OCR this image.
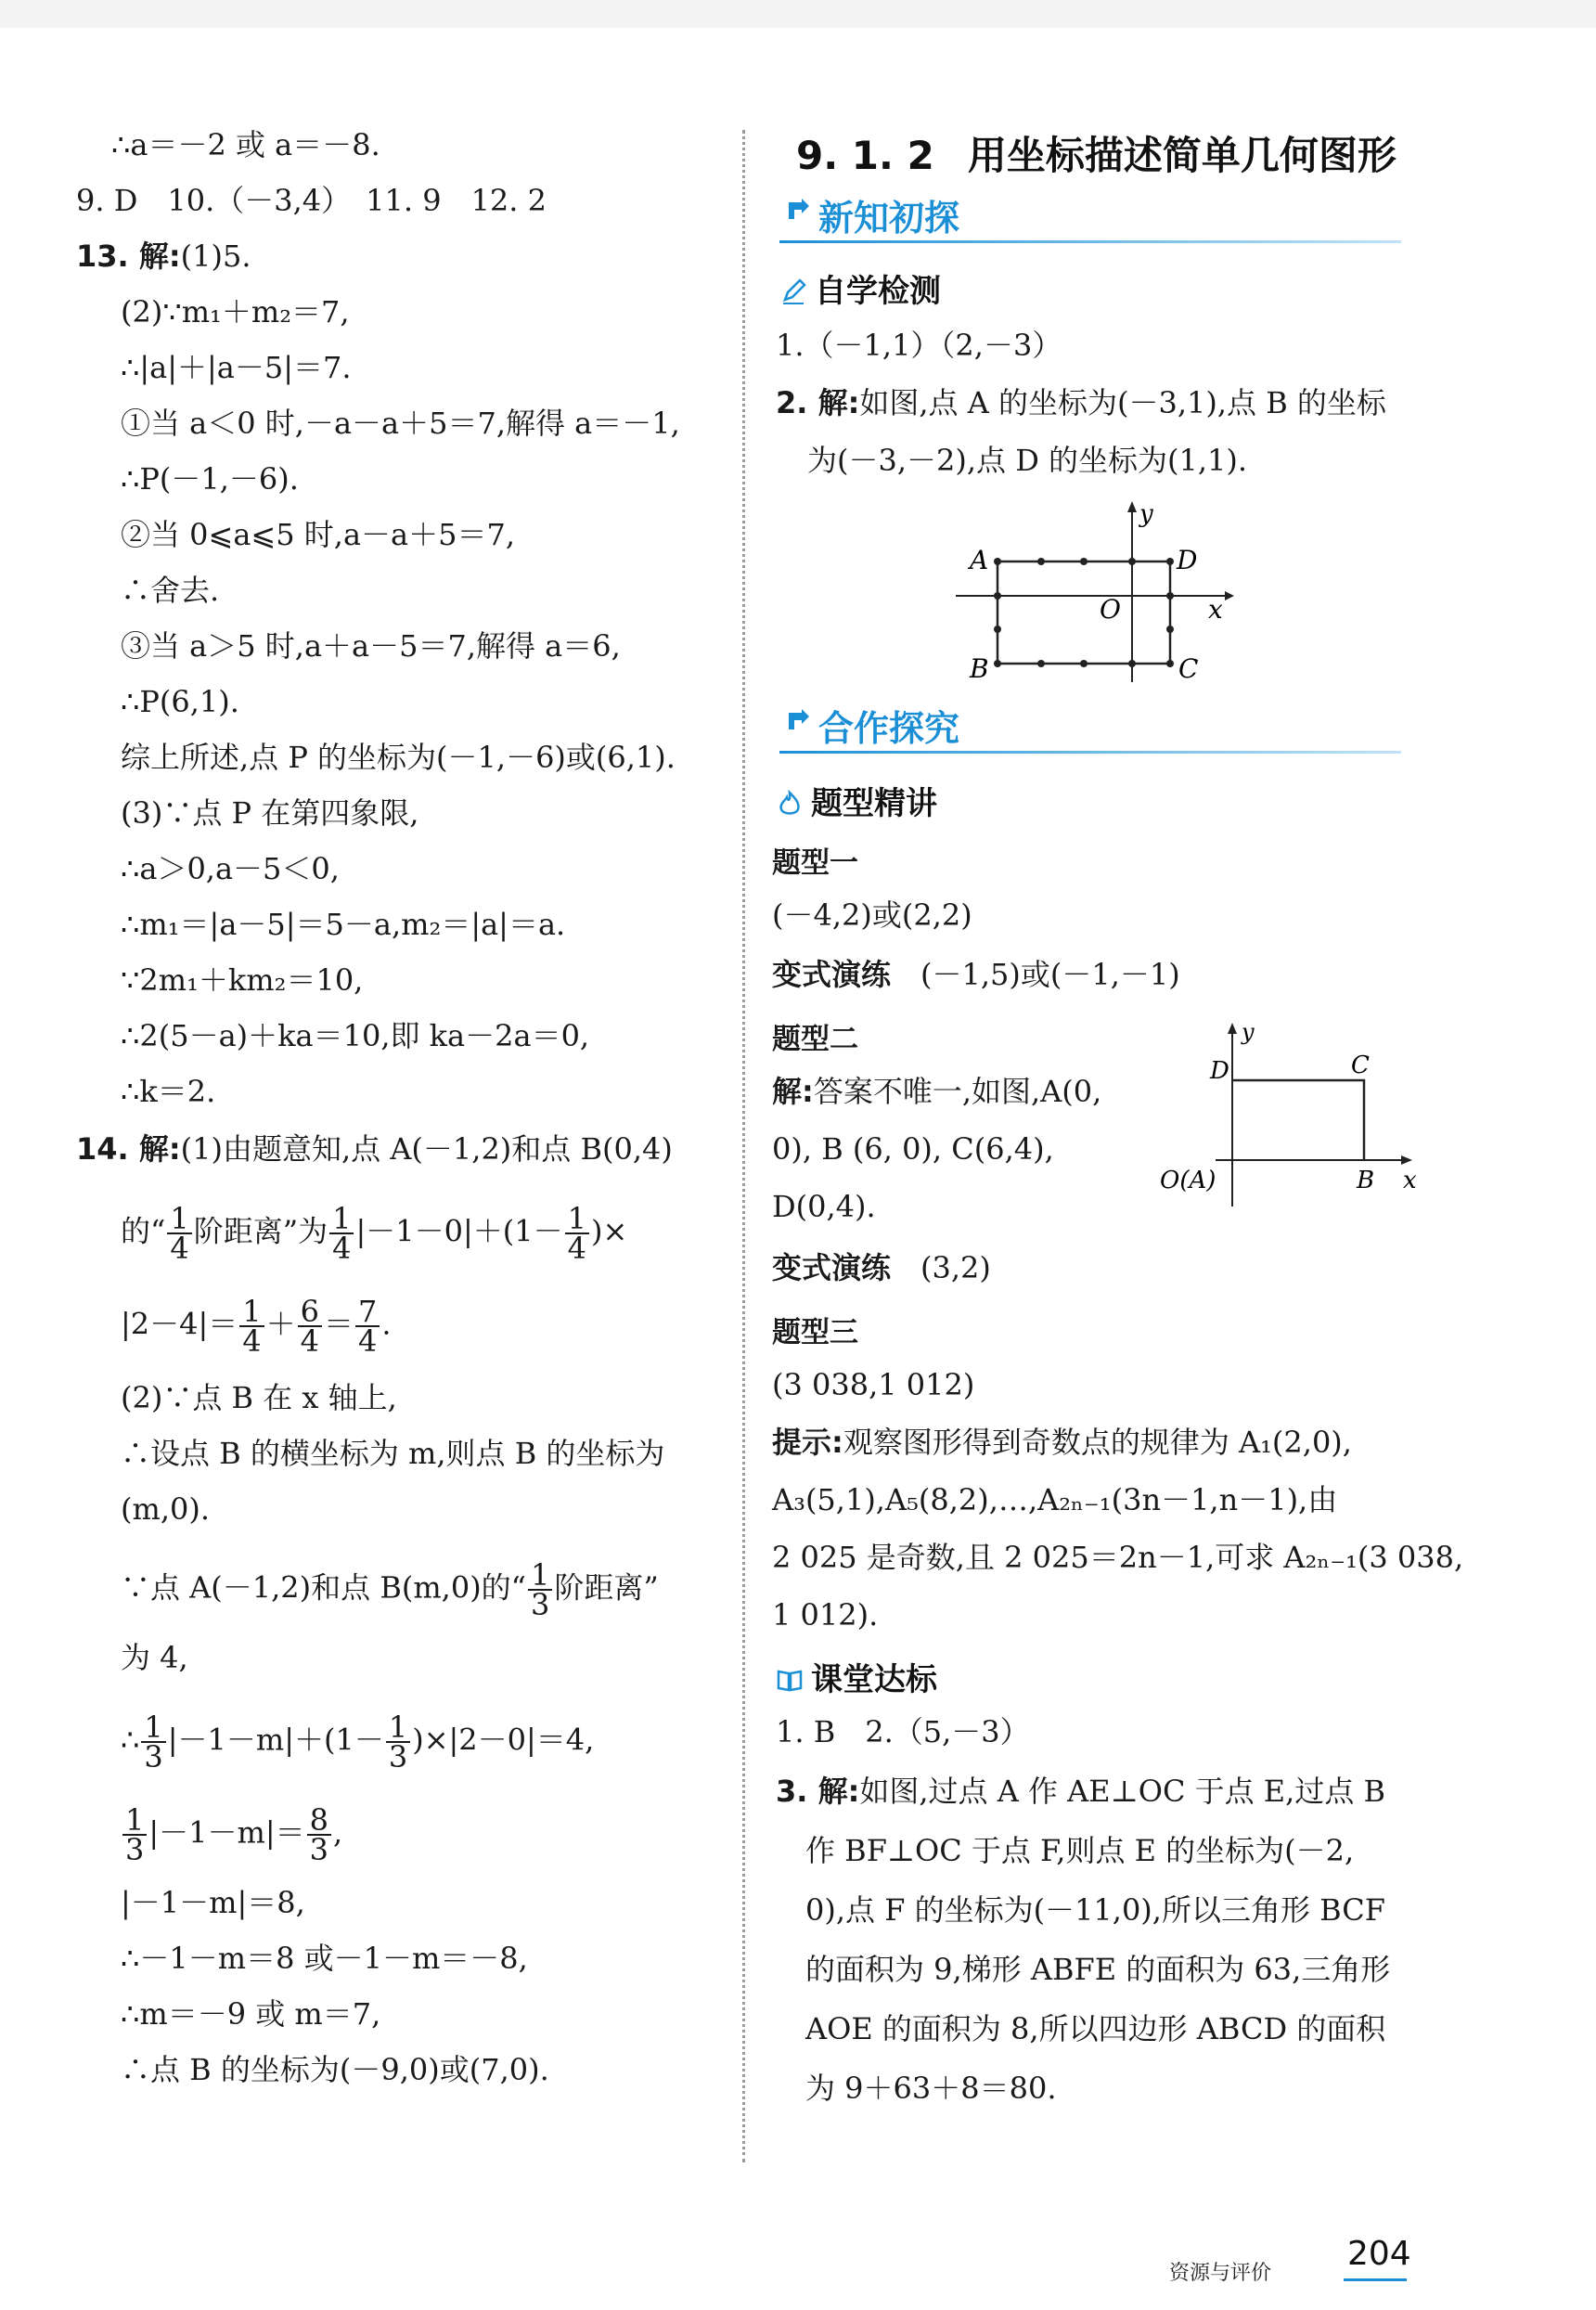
∴a＝－2 或 a＝－8.
9. D　10.（－3,4）　11. 9　12. 2
13. 解:(1)5.
(2)∵m₁＋m₂＝7,
∴|a|＋|a－5|＝7.
①当 a＜0 时,－a－a＋5＝7,解得 a＝－1,
∴P(－1,－6).
②当 0⩽a⩽5 时,a－a＋5＝7,
∴舍去.
③当 a＞5 时,a＋a－5＝7,解得 a＝6,
∴P(6,1).
综上所述,点 P 的坐标为(－1,－6)或(6,1).
(3)∵点 P 在第四象限,
∴a＞0,a－5＜0,
∴m₁＝|a－5|＝5－a,m₂＝|a|＝a.
∵2m₁＋km₂＝10,
∴2(5－a)＋ka＝10,即 ka－2a＝0,
∴k＝2.
14. 解:(1)由题意知,点 A(－1,2)和点 B(0,4)
的“ $\frac{1}{4}$ 阶距离”为 $\frac{1}{4} |-1-0|+(1- \frac{1}{4}$ )×
$|2-4|= \frac{1}{4} + \frac{6}{4} = \frac{7}{4}$ .
(2)∵点 B 在 x 轴上,
∴设点 B 的横坐标为 m,则点 B 的坐标为
(m,0).
∵点 A(－1,2)和点 B(m,0)的“ $\frac{1}{3}$ 阶距离”
为 4,
∴ $\frac{1}{3} |-1-m|+(1- \frac{1}{3} )\times|2-0|=4$,
$\frac{1}{3} |-1-m|= \frac{8}{3}$ ,
|－1－m|＝8,
∴－1－m＝8 或－1－m＝－8,
∴m＝－9 或 m＝7,
∴点 B 的坐标为(－9,0)或(7,0).
9. 1. 2 用坐标描述简单几何图形
新知初探
自学检测
1.（－1,1）（2,－3）
2. 解:如图,点 A 的坐标为(－3,1),点 B 的坐标
为(－3,－2),点 D 的坐标为(1,1).
A	D
O	x
y
B	C
合作探究
题型精讲
题型一
(－4,2)或(2,2)
变式演练　 (－1,5)或(－1,－1)
题型二
解:答案不唯一,如图,A(0,
0), B (6, 0), C(6,4),
D(0,4).
D	C
O(A)	B x
y
变式演练　 (3,2)
题型三
(3 038,1 012)
提示:观察图形得到奇数点的规律为 A₁(2,0),
A₃(5,1),A₅(8,2),…,A₂ₙ₋₁(3n－1,n－1),由
2 025 是奇数,且 2 025＝2n－1,可求 A₂ₙ₋₁(3 038,
1 012).
课堂达标
1. B　2.（5,－3）
3. 解:如图,过点 A 作 AE⊥OC 于点 E,过点 B
作 BF⊥OC 于点 F,则点 E 的坐标为(－2,
0),点 F 的坐标为(－11,0),所以三角形 BCF
的面积为 9,梯形 ABFE 的面积为 63,三角形
AOE 的面积为 8,所以四边形 ABCD 的面积
为 9＋63＋8＝80.
资源与评价
204
